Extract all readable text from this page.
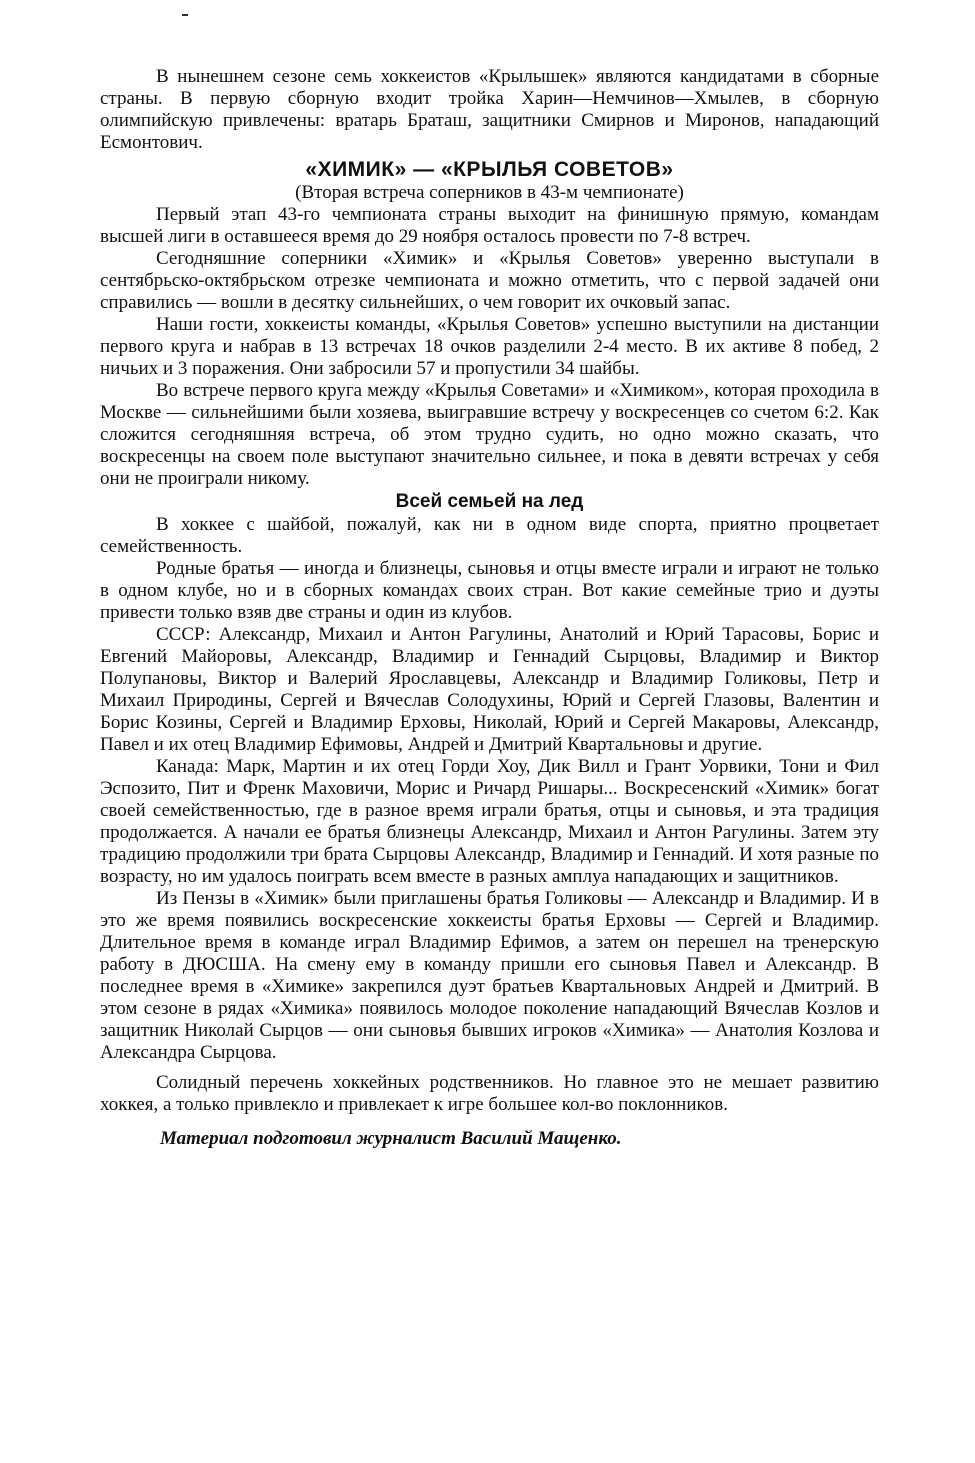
В нынешнем сезоне семь хоккеистов «Крылышек» являются кандидатами в сборные страны. В первую сборную входит тройка Харин—Немчинов—Хмылев, в сборную олимпийскую привлечены: вратарь Браташ, защитники Смирнов и Миронов, нападающий Есмонтович.

«ХИМИК» — «КРЫЛЬЯ СОВЕТОВ»
(Вторая встреча соперников в 43-м чемпионате)

Первый этап 43-го чемпионата страны выходит на финишную прямую, командам высшей лиги в оставшееся время до 29 ноября осталось провести по 7-8 встреч.

Сегодняшние соперники «Химик» и «Крылья Советов» уверенно выступали в сентябрьско-октябрьском отрезке чемпионата и можно отметить, что с первой задачей они справились — вошли в десятку сильнейших, о чем говорит их очковый запас.

Наши гости, хоккеисты команды, «Крылья Советов» успешно выступили на дистанции первого круга и набрав в 13 встречах 18 очков разделили 2-4 место. В их активе 8 побед, 2 ничьих и 3 поражения. Они забросили 57 и пропустили 34 шайбы.

Во встрече первого круга между «Крылья Советами» и «Химиком», которая проходила в Москве — сильнейшими были хозяева, выигравшие встречу у воскресенцев со счетом 6:2. Как сложится сегодняшняя встреча, об этом трудно судить, но одно можно сказать, что воскресенцы на своем поле выступают значительно сильнее, и пока в девяти встречах у себя они не проиграли никому.

Всей семьей на лед

В хоккее с шайбой, пожалуй, как ни в одном виде спорта, приятно процветает семейственность.

Родные братья — иногда и близнецы, сыновья и отцы вместе играли и играют не только в одном клубе, но и в сборных командах своих стран. Вот какие семейные трио и дуэты привести только взяв две страны и один из клубов.

СССР: Александр, Михаил и Антон Рагулины, Анатолий и Юрий Тарасовы, Борис и Евгений Майоровы, Александр, Владимир и Геннадий Сырцовы, Владимир и Виктор Полупановы, Виктор и Валерий Ярославцевы, Александр и Владимир Голиковы, Петр и Михаил Природины, Сергей и Вячеслав Солодухины, Юрий и Сергей Глазовы, Валентин и Борис Козины, Сергей и Владимир Ерховы, Николай, Юрий и Сергей Макаровы, Александр, Павел и их отец Владимир Ефимовы, Андрей и Дмитрий Квартальновы и другие.

Канада: Марк, Мартин и их отец Горди Хоу, Дик Вилл и Грант Уорвики, Тони и Фил Эспозито, Пит и Френк Маховичи, Морис и Ричард Ришары... Воскресенский «Химик» богат своей семейственностью, где в разное время играли братья, отцы и сыновья, и эта традиция продолжается. А начали ее братья близнецы Александр, Михаил и Антон Рагулины. Затем эту традицию продолжили три брата Сырцовы Александр, Владимир и Геннадий. И хотя разные по возрасту, но им удалось поиграть всем вместе в разных амплуа нападающих и защитников.

Из Пензы в «Химик» были приглашены братья Голиковы — Александр и Владимир. И в это же время появились воскресенские хоккеисты братья Ерховы — Сергей и Владимир. Длительное время в команде играл Владимир Ефимов, а затем он перешел на тренерскую работу в ДЮСША. На смену ему в команду пришли его сыновья Павел и Александр. В последнее время в «Химике» закрепился дуэт братьев Квартальновых Андрей и Дмитрий. В этом сезоне в рядах «Химика» появилось молодое поколение нападающий Вячеслав Козлов и защитник Николай Сырцов — они сыновья бывших игроков «Химика» — Анатолия Козлова и Александра Сырцова.

Солидный перечень хоккейных родственников. Но главное это не мешает развитию хоккея, а только привлекло и привлекает к игре большее кол-во поклонников.

Материал подготовил журналист Василий Мащенко.
